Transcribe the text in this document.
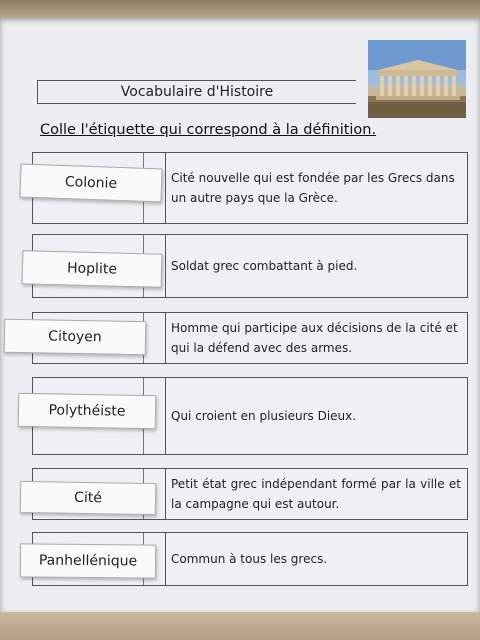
Vocabulaire d'Histoire
Colle l'étiquette qui correspond à la définition.
Cité nouvelle qui est fondée par les Grecs dans un autre pays que la Grèce.
Colonie
Soldat grec combattant à pied.
Hoplite
Homme qui participe aux décisions de la cité et qui la défend avec des armes.
Citoyen
Qui croient en plusieurs Dieux.
Polythéiste
Petit état grec indépendant formé par la ville et la campagne qui est autour.
Cité
Commun à tous les grecs.
Panhellénique
